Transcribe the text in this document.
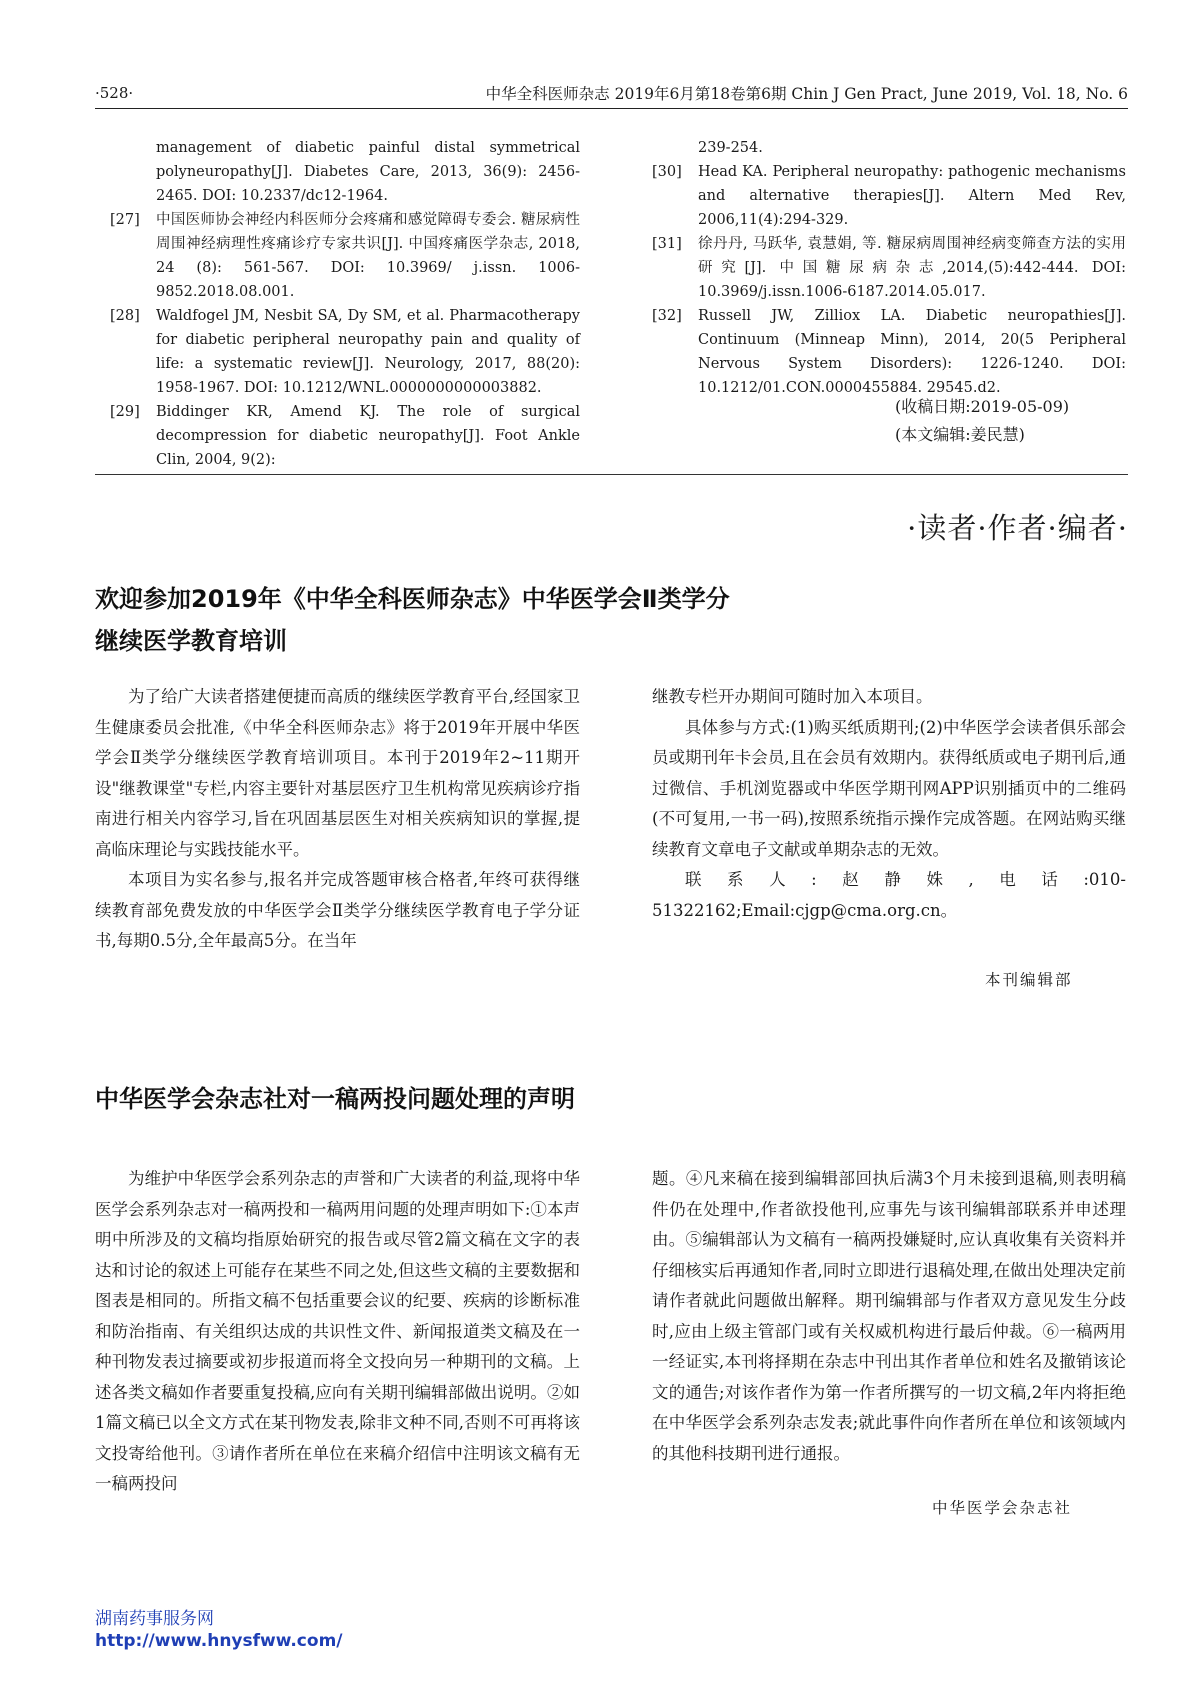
·528·	中华全科医师杂志 2019年6月第18卷第6期 Chin J Gen Pract, June 2019, Vol. 18, No. 6
management of diabetic painful distal symmetrical polyneuropathy[J]. Diabetes Care, 2013, 36(9): 2456-2465. DOI: 10.2337/dc12-1964.
[27]	中国医师协会神经内科医师分会疼痛和感觉障碍专委会. 糖尿病性周围神经病理性疼痛诊疗专家共识[J]. 中国疼痛医学杂志, 2018, 24 (8): 561-567. DOI: 10.3969/ j.issn. 1006-9852.2018.08.001.
[28]	Waldfogel JM, Nesbit SA, Dy SM, et al. Pharmacotherapy for diabetic peripheral neuropathy pain and quality of life: a systematic review[J]. Neurology, 2017, 88(20): 1958-1967. DOI: 10.1212/WNL.0000000000003882.
[29]	Biddinger KR, Amend KJ. The role of surgical decompression for diabetic neuropathy[J]. Foot Ankle Clin, 2004, 9(2):
239-254.
[30]	Head KA. Peripheral neuropathy: pathogenic mechanisms and alternative therapies[J]. Altern Med Rev, 2006,11(4):294-329.
[31]	徐丹丹, 马跃华, 袁慧娟, 等. 糖尿病周围神经病变筛查方法的实用研究[J]. 中国糖尿病杂志,2014,(5):442-444. DOI: 10.3969/j.issn.1006-6187.2014.05.017.
[32]	Russell JW, Zilliox LA. Diabetic neuropathies[J]. Continuum (Minneap Minn), 2014, 20(5 Peripheral Nervous System Disorders): 1226-1240. DOI: 10.1212/01.CON.0000455884. 29545.d2.
(收稿日期:2019-05-09)
(本文编辑:姜民慧)
·读者·作者·编者·
欢迎参加2019年《中华全科医师杂志》中华医学会Ⅱ类学分
继续医学教育培训

为了给广大读者搭建便捷而高质的继续医学教育平台,经国家卫生健康委员会批准,《中华全科医师杂志》将于2019年开展中华医学会Ⅱ类学分继续医学教育培训项目。本刊于2019年2~11期开设"继教课堂"专栏,内容主要针对基层医疗卫生机构常见疾病诊疗指南进行相关内容学习,旨在巩固基层医生对相关疾病知识的掌握,提高临床理论与实践技能水平。

本项目为实名参与,报名并完成答题审核合格者,年终可获得继续教育部免费发放的中华医学会Ⅱ类学分继续医学教育电子学分证书,每期0.5分,全年最高5分。在当年

继教专栏开办期间可随时加入本项目。

具体参与方式:(1)购买纸质期刊;(2)中华医学会读者俱乐部会员或期刊年卡会员,且在会员有效期内。获得纸质或电子期刊后,通过微信、手机浏览器或中华医学期刊网APP识别插页中的二维码(不可复用,一书一码),按照系统指示操作完成答题。在网站购买继续教育文章电子文献或单期杂志的无效。

联系人:赵静姝,电话:010-51322162;Email:cjgp@cma.org.cn。

本刊编辑部
中华医学会杂志社对一稿两投问题处理的声明

为维护中华医学会系列杂志的声誉和广大读者的利益,现将中华医学会系列杂志对一稿两投和一稿两用问题的处理声明如下:①本声明中所涉及的文稿均指原始研究的报告或尽管2篇文稿在文字的表达和讨论的叙述上可能存在某些不同之处,但这些文稿的主要数据和图表是相同的。所指文稿不包括重要会议的纪要、疾病的诊断标准和防治指南、有关组织达成的共识性文件、新闻报道类文稿及在一种刊物发表过摘要或初步报道而将全文投向另一种期刊的文稿。上述各类文稿如作者要重复投稿,应向有关期刊编辑部做出说明。②如1篇文稿已以全文方式在某刊物发表,除非文种不同,否则不可再将该文投寄给他刊。③请作者所在单位在来稿介绍信中注明该文稿有无一稿两投问

题。④凡来稿在接到编辑部回执后满3个月未接到退稿,则表明稿件仍在处理中,作者欲投他刊,应事先与该刊编辑部联系并申述理由。⑤编辑部认为文稿有一稿两投嫌疑时,应认真收集有关资料并仔细核实后再通知作者,同时立即进行退稿处理,在做出处理决定前请作者就此问题做出解释。期刊编辑部与作者双方意见发生分歧时,应由上级主管部门或有关权威机构进行最后仲裁。⑥一稿两用一经证实,本刊将择期在杂志中刊出其作者单位和姓名及撤销该论文的通告;对该作者作为第一作者所撰写的一切文稿,2年内将拒绝在中华医学会系列杂志发表;就此事件向作者所在单位和该领域内的其他科技期刊进行通报。

中华医学会杂志社
湖南药事服务网
http://www.hnysfww.com/
